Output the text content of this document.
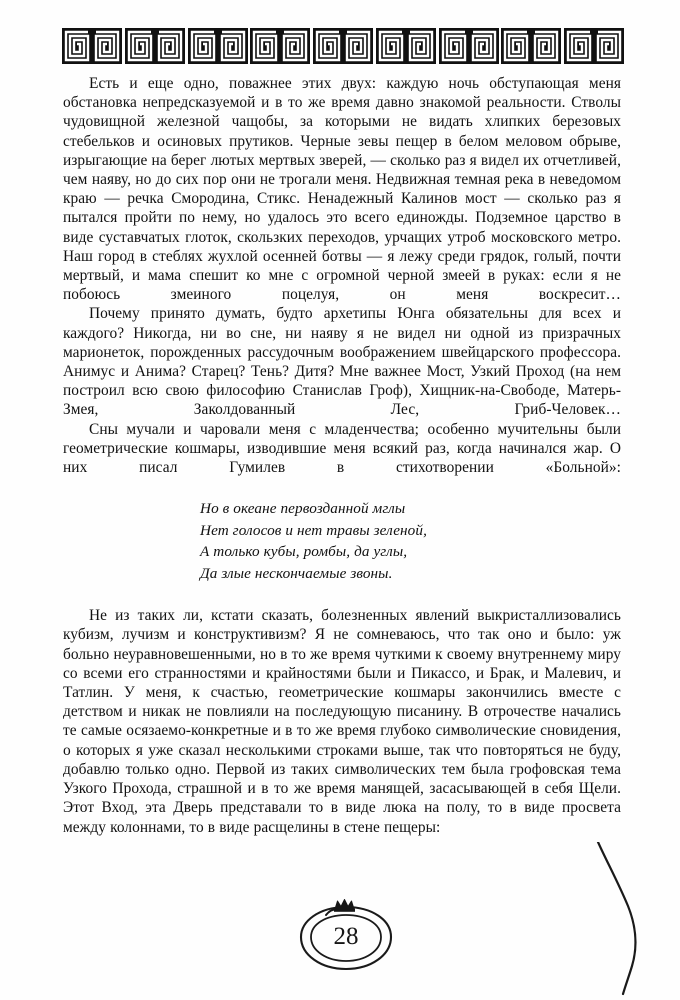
Есть и еще одно, поважнее этих двух: каждую ночь обступающая меня обстановка непредсказуемой и в то же время давно знакомой реальности. Стволы чудовищной железной чащобы, за которыми не видать хлипких березовых стебельков и осиновых прутиков. Черные зевы пещер в белом меловом обрыве, изрыгающие на берег лютых мертвых зверей, — сколько раз я видел их отчетливей, чем наяву, но до сих пор они не трогали меня. Недвижная темная река в неведомом краю — речка Смородина, Стикс. Ненадежный Калинов мост — сколько раз я пытался пройти по нему, но удалось это всего единожды. Подземное царство в виде суставчатых глоток, скользких переходов, урчащих утроб московского метро. Наш город в стеблях жухлой осенней ботвы — я лежу среди грядок, голый, почти мертвый, и мама спешит ко мне с огромной черной змеей в руках: если я не побоюсь змеиного поцелуя, он меня воскресит…

Почему принято думать, будто архетипы Юнга обязательны для всех и каждого? Никогда, ни во сне, ни наяву я не видел ни одной из призрачных марионеток, порожденных рассудочным воображением швейцарского профессора. Анимус и Анима? Старец? Тень? Дитя? Мне важнее Мост, Узкий Проход (на нем построил всю свою философию Станислав Гроф), Хищник-на-Свободе, Матерь-Змея, Заколдованный Лес, Гриб-Человек…

Сны мучали и чаровали меня с младенчества; особенно мучительны были геометрические кошмары, изводившие меня всякий раз, когда начинался жар. О них писал Гумилев в стихотворении «Больной»:

Но в океане первозданной мглы
Нет голосов и нет травы зеленой,
А только кубы, ромбы, да углы,
Да злые нескончаемые звоны.

Не из таких ли, кстати сказать, болезненных явлений выкристаллизовались кубизм, лучизм и конструктивизм? Я не сомневаюсь, что так оно и было: уж больно неуравновешенными, но в то же время чуткими к своему внутреннему миру со всеми его странностями и крайностями были и Пикассо, и Брак, и Малевич, и Татлин. У меня, к счастью, геометрические кошмары закончились вместе с детством и никак не повлияли на последующую писанину. В отрочестве начались те самые осязаемо-конкретные и в то же время глубоко символические сновидения, о которых я уже сказал несколькими строками выше, так что повторяться не буду, добавлю только одно. Первой из таких символических тем была грофовская тема Узкого Прохода, страшной и в то же время манящей, засасывающей в себя Щели. Этот Вход, эта Дверь представали то в виде люка на полу, то в виде просвета между колоннами, то в виде расщелины в стене пещеры:

28
